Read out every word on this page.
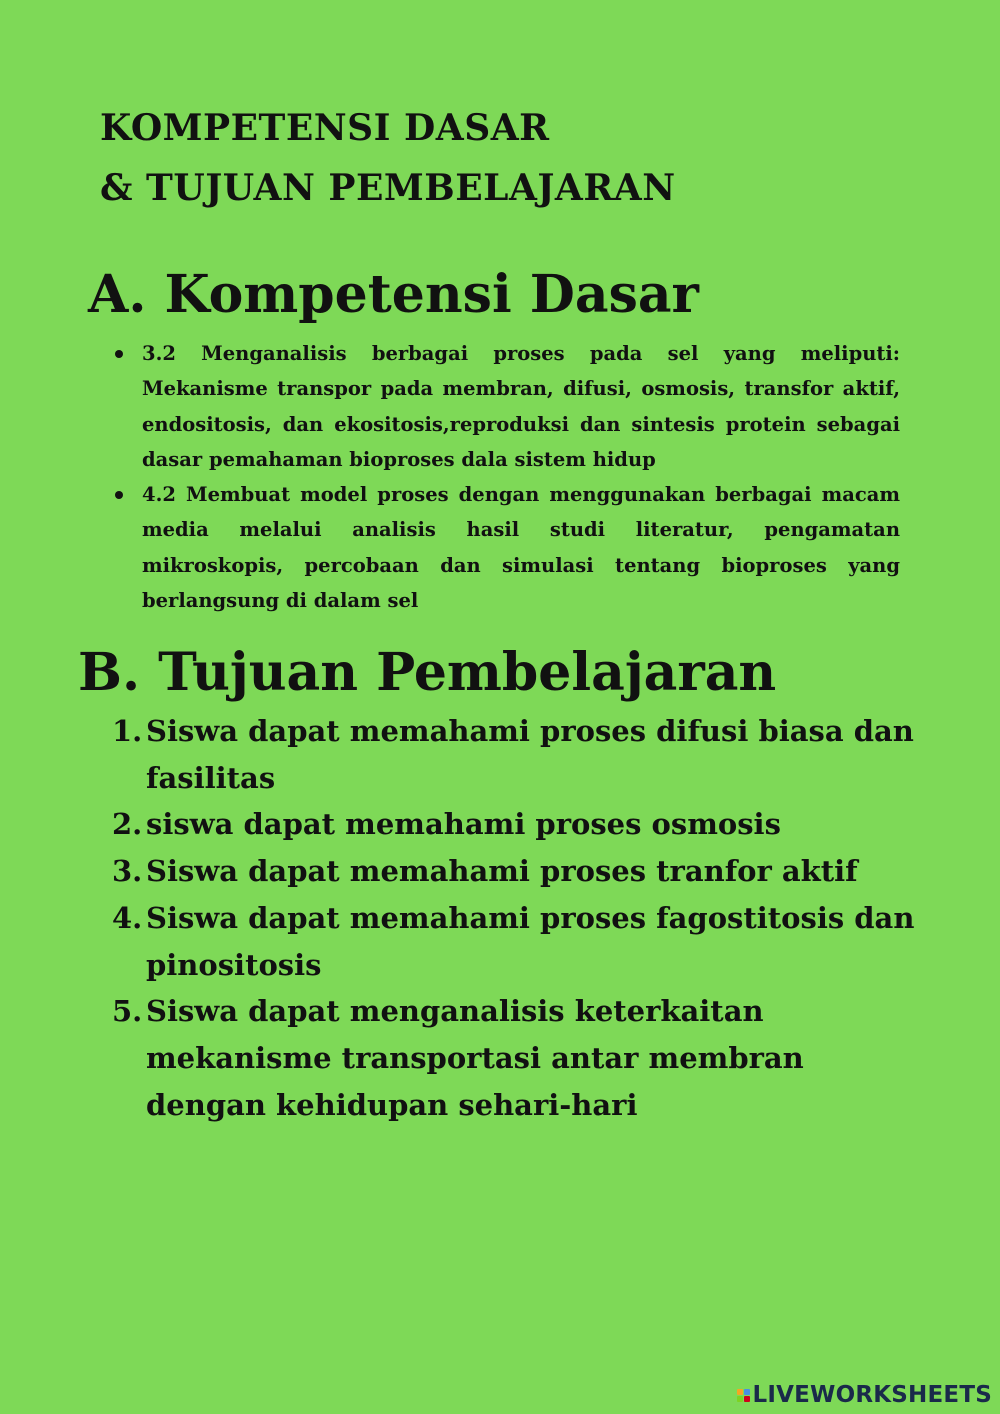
KOMPETENSI DASAR
& TUJUAN PEMBELAJARAN
A. Kompetensi Dasar
3.2 Menganalisis berbagai proses pada sel yang meliputi: Mekanisme transpor pada membran, difusi, osmosis, transfor aktif, endositosis, dan ekositosis,reproduksi dan sintesis protein sebagai dasar pemahaman bioproses dala sistem hidup
4.2 Membuat model proses dengan menggunakan berbagai macam media melalui analisis hasil studi literatur, pengamatan mikroskopis, percobaan dan simulasi tentang bioproses yang berlangsung di dalam sel
B. Tujuan Pembelajaran
1. Siswa dapat memahami proses difusi biasa dan fasilitas
2. siswa dapat memahami proses osmosis
3. Siswa dapat memahami proses tranfor aktif
4. Siswa dapat memahami proses fagostitosis dan pinositosis
5. Siswa dapat menganalisis keterkaitan mekanisme transportasi antar membran dengan kehidupan sehari-hari
LIVEWORKSHEETS
